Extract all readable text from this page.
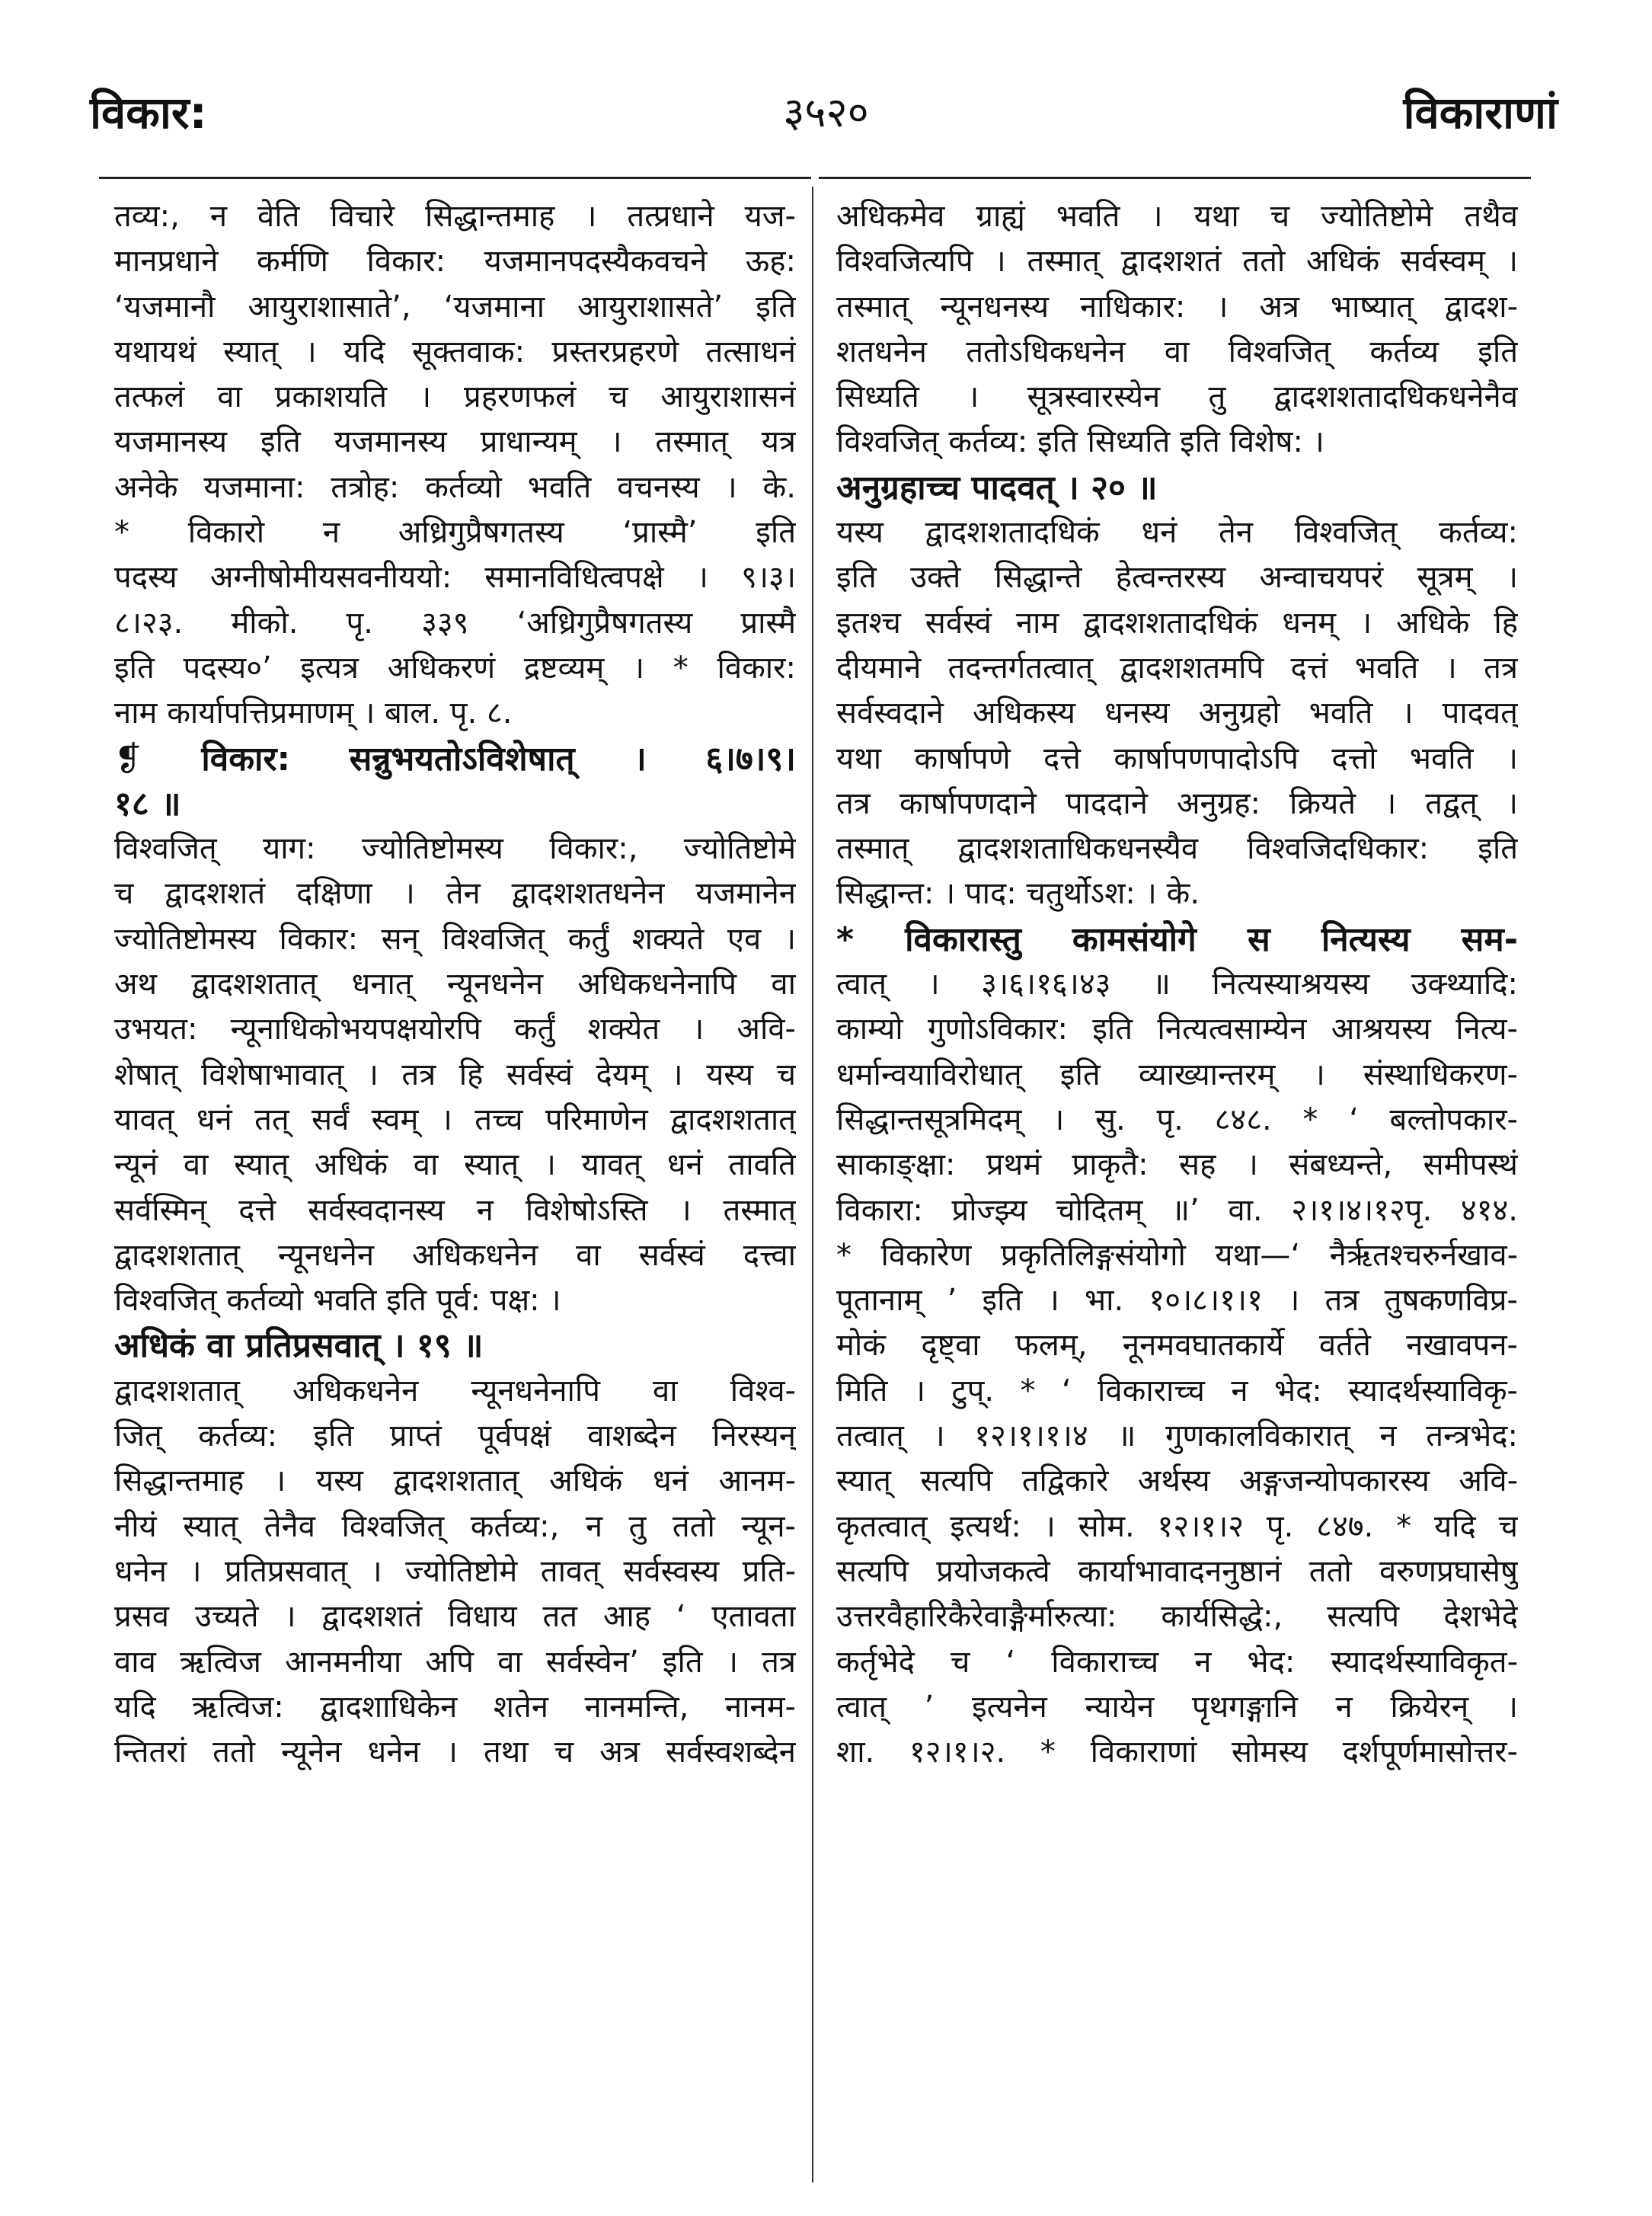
विकार:	३५२०	विकाराणां
तव्य:, न वेति विचारे सिद्धान्तमाह । तत्प्रधाने यज-
मानप्रधाने कर्मणि विकार: यजमानपदस्यैकवचने ऊह:
‘यजमानौ आयुराशासाते’, ‘यजमाना आयुराशासते’ इति
यथायथं स्यात् । यदि सूक्तवाक: प्रस्तरप्रहरणे तत्साधनं
तत्फलं वा प्रकाशयति । प्रहरणफलं च आयुराशासनं
यजमानस्य इति यजमानस्य प्राधान्यम् । तस्मात् यत्र
अनेके यजमाना: तत्रोह: कर्तव्यो भवति वचनस्य । के.
* विकारो न अध्रिगुप्रैषगतस्य ‘प्रास्मै’ इति
पदस्य अग्नीषोमीयसवनीययो: समानविधित्वपक्षे । ९।३।
८।२३. मीको. पृ. ३३९ ‘अध्रिगुप्रैषगतस्य प्रास्मै
इति पदस्य०’ इत्यत्र अधिकरणं द्रष्टव्यम् । * विकार:
नाम कार्यापत्तिप्रमाणम् । बाल. पृ. ८.
❡ विकार: सन्नुभयतोऽविशेषात् । ६।७।९।
१८ ॥
विश्वजित् याग: ज्योतिष्टोमस्य विकार:, ज्योतिष्टोमे
च द्वादशशतं दक्षिणा । तेन द्वादशशतधनेन यजमानेन
ज्योतिष्टोमस्य विकार: सन् विश्वजित् कर्तुं शक्यते एव ।
अथ द्वादशशतात् धनात् न्यूनधनेन अधिकधनेनापि वा
उभयत: न्यूनाधिकोभयपक्षयोरपि कर्तुं शक्येत । अवि-
शेषात् विशेषाभावात् । तत्र हि सर्वस्वं देयम् । यस्य च
यावत् धनं तत् सर्वं स्वम् । तच्च परिमाणेन द्वादशशतात्
न्यूनं वा स्यात् अधिकं वा स्यात् । यावत् धनं तावति
सर्वस्मिन् दत्ते सर्वस्वदानस्य न विशेषोऽस्ति । तस्मात्
द्वादशशतात् न्यूनधनेन अधिकधनेन वा सर्वस्वं दत्त्वा
विश्वजित् कर्तव्यो भवति इति पूर्व: पक्ष: ।
अधिकं वा प्रतिप्रसवात् । १९ ॥
द्वादशशतात् अधिकधनेन न्यूनधनेनापि वा विश्व-
जित् कर्तव्य: इति प्राप्तं पूर्वपक्षं वाशब्देन निरस्यन्
सिद्धान्तमाह । यस्य द्वादशशतात् अधिकं धनं आनम-
नीयं स्यात् तेनैव विश्वजित् कर्तव्य:, न तु ततो न्यून-
धनेन । प्रतिप्रसवात् । ज्योतिष्टोमे तावत् सर्वस्वस्य प्रति-
प्रसव उच्यते । द्वादशशतं विधाय तत आह ‘ एतावता
वाव ऋत्विज आनमनीया अपि वा सर्वस्वेन’ इति । तत्र
यदि ऋत्विज: द्वादशाधिकेन शतेन नानमन्ति, नानम-
न्तितरां ततो न्यूनेन धनेन । तथा च अत्र सर्वस्वशब्देन
अधिकमेव ग्राह्यं भवति । यथा च ज्योतिष्टोमे तथैव
विश्वजित्यपि । तस्मात् द्वादशशतं ततो अधिकं सर्वस्वम् ।
तस्मात् न्यूनधनस्य नाधिकार: । अत्र भाष्यात् द्वादश-
शतधनेन ततोऽधिकधनेन वा विश्वजित् कर्तव्य इति
सिध्यति । सूत्रस्वारस्येन तु द्वादशशतादधिकधनेनैव
विश्वजित् कर्तव्य: इति सिध्यति इति विशेष: ।
अनुग्रहाच्च पादवत् । २० ॥
यस्य द्वादशशतादधिकं धनं तेन विश्वजित् कर्तव्य:
इति उक्ते सिद्धान्ते हेत्वन्तरस्य अन्वाचयपरं सूत्रम् ।
इतश्च सर्वस्वं नाम द्वादशशतादधिकं धनम् । अधिके हि
दीयमाने तदन्तर्गतत्वात् द्वादशशतमपि दत्तं भवति । तत्र
सर्वस्वदाने अधिकस्य धनस्य अनुग्रहो भवति । पादवत्
यथा कार्षापणे दत्ते कार्षापणपादोऽपि दत्तो भवति ।
तत्र कार्षापणदाने पाददाने अनुग्रह: क्रियते । तद्वत् ।
तस्मात् द्वादशशताधिकधनस्यैव विश्वजिदधिकार: इति
सिद्धान्त: । पाद: चतुर्थोऽश: । के.
* विकारास्तु कामसंयोगे स नित्यस्य सम-
त्वात् । ३।६।१६।४३ ॥ नित्यस्याश्रयस्य उक्थ्यादि:
काम्यो गुणोऽविकार: इति नित्यत्वसाम्येन आश्रयस्य नित्य-
धर्मान्वयाविरोधात् इति व्याख्यान्तरम् । संस्थाधिकरण-
सिद्धान्तसूत्रमिदम् । सु. पृ. ८४८. * ‘ बल्तोपकार-
साकाङ्क्षा: प्रथमं प्राकृतै: सह । संबध्यन्ते, समीपस्थं
विकारा: प्रोज्झ्य चोदितम् ॥’ वा. २।१।४।१२पृ. ४१४.
* विकारेण प्रकृतिलिङ्गसंयोगो यथा—‘ नैर्ऋतश्चरुर्नखाव-
पूतानाम् ’ इति । भा. १०।८।१।१ । तत्र तुषकणविप्र-
मोकं दृष्ट्वा फलम्, नूनमवघातकार्ये वर्तते नखावपन-
मिति । टुप्. * ‘ विकाराच्च न भेद: स्यादर्थस्याविकृ-
तत्वात् । १२।१।१।४ ॥ गुणकालविकारात् न तन्त्रभेद:
स्यात् सत्यपि तद्विकारे अर्थस्य अङ्गजन्योपकारस्य अवि-
कृतत्वात् इत्यर्थ: । सोम. १२।१।२ पृ. ८४७. * यदि च
सत्यपि प्रयोजकत्वे कार्याभावादननुष्ठानं ततो वरुणप्रघासेषु
उत्तरवैहारिकैरेवाङ्गैर्मारुत्या: कार्यसिद्धे:, सत्यपि देशभेदे
कर्तृभेदे च ‘ विकाराच्च न भेद: स्यादर्थस्याविकृत-
त्वात् ’ इत्यनेन न्यायेन पृथगङ्गानि न क्रियेरन् ।
शा. १२।१।२. * विकाराणां सोमस्य दर्शपूर्णमासोत्तर-
